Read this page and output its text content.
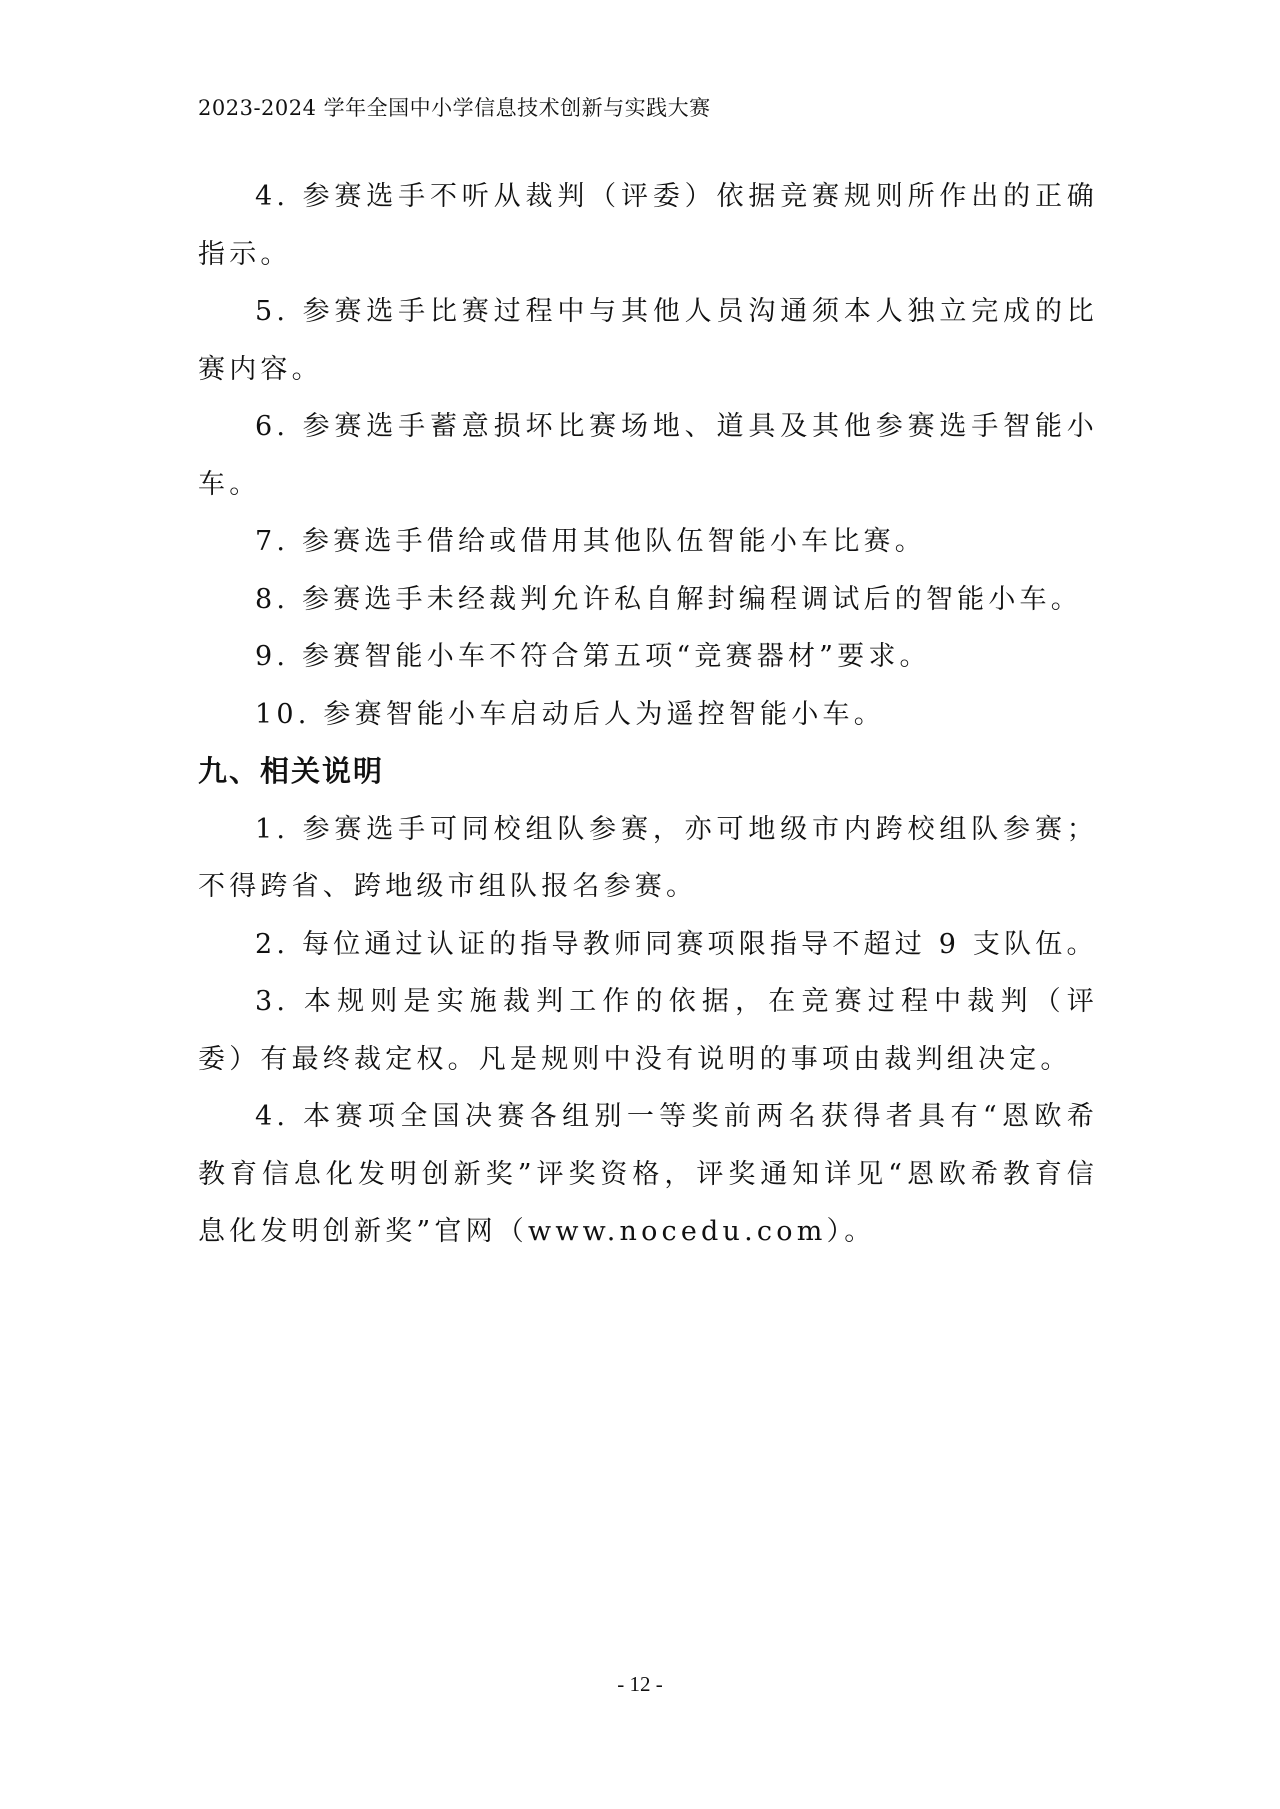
2023-2024 学年全国中小学信息技术创新与实践大赛

4. 参赛选手不听从裁判（评委）依据竞赛规则所作出的正确指示。

5. 参赛选手比赛过程中与其他人员沟通须本人独立完成的比赛内容。

6. 参赛选手蓄意损坏比赛场地、道具及其他参赛选手智能小车。

7. 参赛选手借给或借用其他队伍智能小车比赛。

8. 参赛选手未经裁判允许私自解封编程调试后的智能小车。

9. 参赛智能小车不符合第五项“竞赛器材”要求。

10. 参赛智能小车启动后人为遥控智能小车。

九、相关说明

1. 参赛选手可同校组队参赛，亦可地级市内跨校组队参赛；不得跨省、跨地级市组队报名参赛。

2. 每位通过认证的指导教师同赛项限指导不超过 9 支队伍。

3. 本规则是实施裁判工作的依据，在竞赛过程中裁判（评委）有最终裁定权。凡是规则中没有说明的事项由裁判组决定。

4. 本赛项全国决赛各组别一等奖前两名获得者具有“恩欧希教育信息化发明创新奖”评奖资格，评奖通知详见“恩欧希教育信息化发明创新奖”官网（www.nocedu.com）。

- 12 -
